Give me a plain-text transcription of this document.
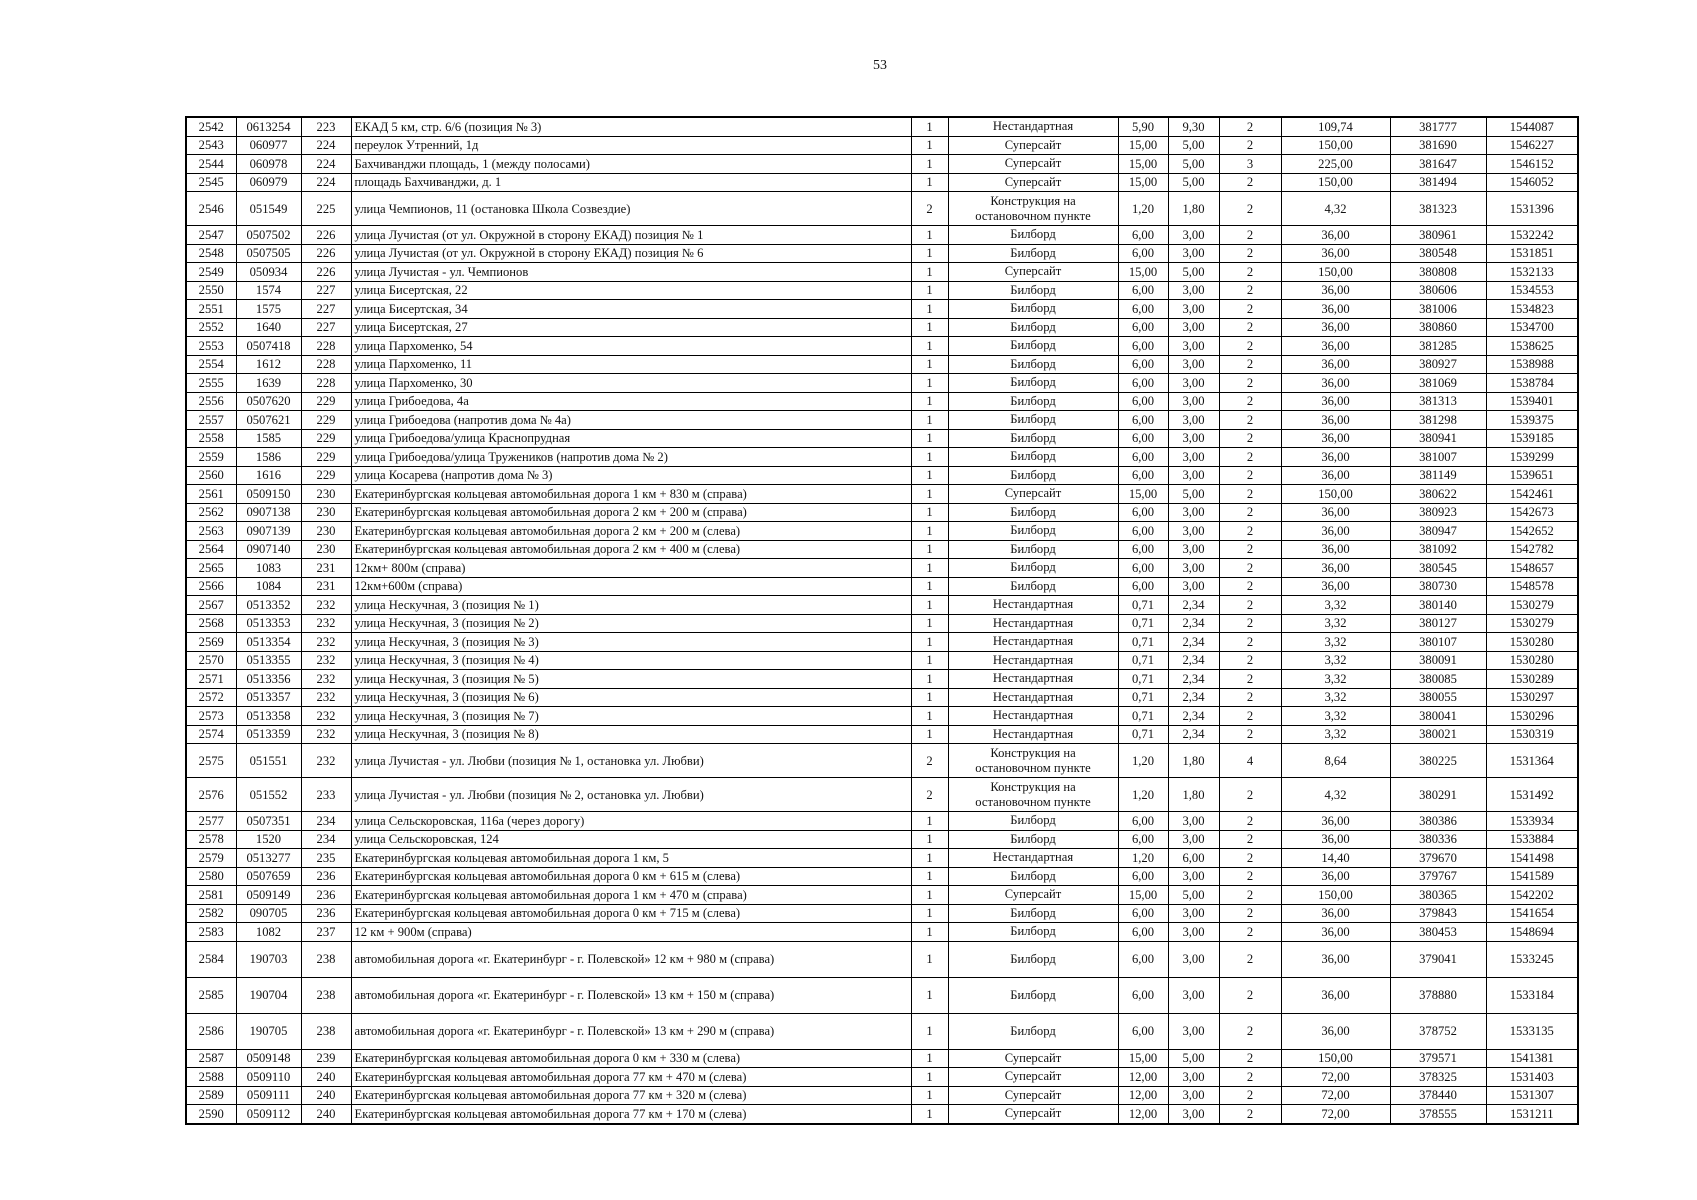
53
2542	0613254	223	ЕКАД 5 км, стр. 6/6 (позиция № 3)	1	Нестандартная	5,90	9,30	2	109,74	381777	1544087
2543	060977	224	переулок Утренний, 1д	1	Суперсайт	15,00	5,00	2	150,00	381690	1546227
2544	060978	224	Бахчиванджи площадь, 1 (между полосами)	1	Суперсайт	15,00	5,00	3	225,00	381647	1546152
2545	060979	224	площадь Бахчиванджи, д. 1	1	Суперсайт	15,00	5,00	2	150,00	381494	1546052
2546	051549	225	улица Чемпионов, 11 (остановка Школа Созвездие)	2	Конструкция на остановочном пункте	1,20	1,80	2	4,32	381323	1531396
2547	0507502	226	улица Лучистая (от ул. Окружной в сторону ЕКАД) позиция № 1	1	Билборд	6,00	3,00	2	36,00	380961	1532242
2548	0507505	226	улица Лучистая (от ул. Окружной в сторону ЕКАД) позиция № 6	1	Билборд	6,00	3,00	2	36,00	380548	1531851
2549	050934	226	улица Лучистая - ул. Чемпионов	1	Суперсайт	15,00	5,00	2	150,00	380808	1532133
2550	1574	227	улица Бисертская, 22	1	Билборд	6,00	3,00	2	36,00	380606	1534553
2551	1575	227	улица Бисертская, 34	1	Билборд	6,00	3,00	2	36,00	381006	1534823
2552	1640	227	улица Бисертская, 27	1	Билборд	6,00	3,00	2	36,00	380860	1534700
2553	0507418	228	улица Пархоменко, 54	1	Билборд	6,00	3,00	2	36,00	381285	1538625
2554	1612	228	улица Пархоменко, 11	1	Билборд	6,00	3,00	2	36,00	380927	1538988
2555	1639	228	улица Пархоменко, 30	1	Билборд	6,00	3,00	2	36,00	381069	1538784
2556	0507620	229	улица Грибоедова, 4а	1	Билборд	6,00	3,00	2	36,00	381313	1539401
2557	0507621	229	улица Грибоедова (напротив дома № 4а)	1	Билборд	6,00	3,00	2	36,00	381298	1539375
2558	1585	229	улица Грибоедова/улица Краснопрудная	1	Билборд	6,00	3,00	2	36,00	380941	1539185
2559	1586	229	улица Грибоедова/улица Тружеников (напротив дома № 2)	1	Билборд	6,00	3,00	2	36,00	381007	1539299
2560	1616	229	улица Косарева (напротив дома № 3)	1	Билборд	6,00	3,00	2	36,00	381149	1539651
2561	0509150	230	Екатеринбургская кольцевая автомобильная дорога 1 км + 830 м (справа)	1	Суперсайт	15,00	5,00	2	150,00	380622	1542461
2562	0907138	230	Екатеринбургская кольцевая автомобильная дорога 2 км + 200 м (справа)	1	Билборд	6,00	3,00	2	36,00	380923	1542673
2563	0907139	230	Екатеринбургская кольцевая автомобильная дорога 2 км + 200 м (слева)	1	Билборд	6,00	3,00	2	36,00	380947	1542652
2564	0907140	230	Екатеринбургская кольцевая автомобильная дорога 2 км + 400 м (слева)	1	Билборд	6,00	3,00	2	36,00	381092	1542782
2565	1083	231	12км+ 800м (справа)	1	Билборд	6,00	3,00	2	36,00	380545	1548657
2566	1084	231	12км+600м (справа)	1	Билборд	6,00	3,00	2	36,00	380730	1548578
2567	0513352	232	улица Нескучная, 3 (позиция № 1)	1	Нестандартная	0,71	2,34	2	3,32	380140	1530279
2568	0513353	232	улица Нескучная, 3 (позиция № 2)	1	Нестандартная	0,71	2,34	2	3,32	380127	1530279
2569	0513354	232	улица Нескучная, 3 (позиция № 3)	1	Нестандартная	0,71	2,34	2	3,32	380107	1530280
2570	0513355	232	улица Нескучная, 3 (позиция № 4)	1	Нестандартная	0,71	2,34	2	3,32	380091	1530280
2571	0513356	232	улица Нескучная, 3 (позиция № 5)	1	Нестандартная	0,71	2,34	2	3,32	380085	1530289
2572	0513357	232	улица Нескучная, 3 (позиция № 6)	1	Нестандартная	0,71	2,34	2	3,32	380055	1530297
2573	0513358	232	улица Нескучная, 3 (позиция № 7)	1	Нестандартная	0,71	2,34	2	3,32	380041	1530296
2574	0513359	232	улица Нескучная, 3 (позиция № 8)	1	Нестандартная	0,71	2,34	2	3,32	380021	1530319
2575	051551	232	улица Лучистая - ул. Любви (позиция № 1, остановка ул. Любви)	2	Конструкция на остановочном пункте	1,20	1,80	4	8,64	380225	1531364
2576	051552	233	улица Лучистая - ул. Любви (позиция № 2, остановка ул. Любви)	2	Конструкция на остановочном пункте	1,20	1,80	2	4,32	380291	1531492
2577	0507351	234	улица Сельскоровская, 116а (через дорогу)	1	Билборд	6,00	3,00	2	36,00	380386	1533934
2578	1520	234	улица Сельскоровская, 124	1	Билборд	6,00	3,00	2	36,00	380336	1533884
2579	0513277	235	Екатеринбургская кольцевая автомобильная дорога 1 км, 5	1	Нестандартная	1,20	6,00	2	14,40	379670	1541498
2580	0507659	236	Екатеринбургская кольцевая автомобильная дорога 0 км + 615 м (слева)	1	Билборд	6,00	3,00	2	36,00	379767	1541589
2581	0509149	236	Екатеринбургская кольцевая автомобильная дорога 1 км + 470 м (справа)	1	Суперсайт	15,00	5,00	2	150,00	380365	1542202
2582	090705	236	Екатеринбургская кольцевая автомобильная дорога 0 км + 715 м (слева)	1	Билборд	6,00	3,00	2	36,00	379843	1541654
2583	1082	237	12 км + 900м (справа)	1	Билборд	6,00	3,00	2	36,00	380453	1548694
2584	190703	238	автомобильная дорога «г. Екатеринбург - г. Полевской» 12 км + 980 м (справа)	1	Билборд	6,00	3,00	2	36,00	379041	1533245
2585	190704	238	автомобильная дорога «г. Екатеринбург - г. Полевской» 13 км + 150 м (справа)	1	Билборд	6,00	3,00	2	36,00	378880	1533184
2586	190705	238	автомобильная дорога «г. Екатеринбург - г. Полевской» 13 км + 290 м (справа)	1	Билборд	6,00	3,00	2	36,00	378752	1533135
2587	0509148	239	Екатеринбургская кольцевая автомобильная дорога 0 км + 330 м (слева)	1	Суперсайт	15,00	5,00	2	150,00	379571	1541381
2588	0509110	240	Екатеринбургская кольцевая автомобильная дорога 77 км + 470 м (слева)	1	Суперсайт	12,00	3,00	2	72,00	378325	1531403
2589	0509111	240	Екатеринбургская кольцевая автомобильная дорога 77 км + 320 м (слева)	1	Суперсайт	12,00	3,00	2	72,00	378440	1531307
2590	0509112	240	Екатеринбургская кольцевая автомобильная дорога 77 км + 170 м (слева)	1	Суперсайт	12,00	3,00	2	72,00	378555	1531211
